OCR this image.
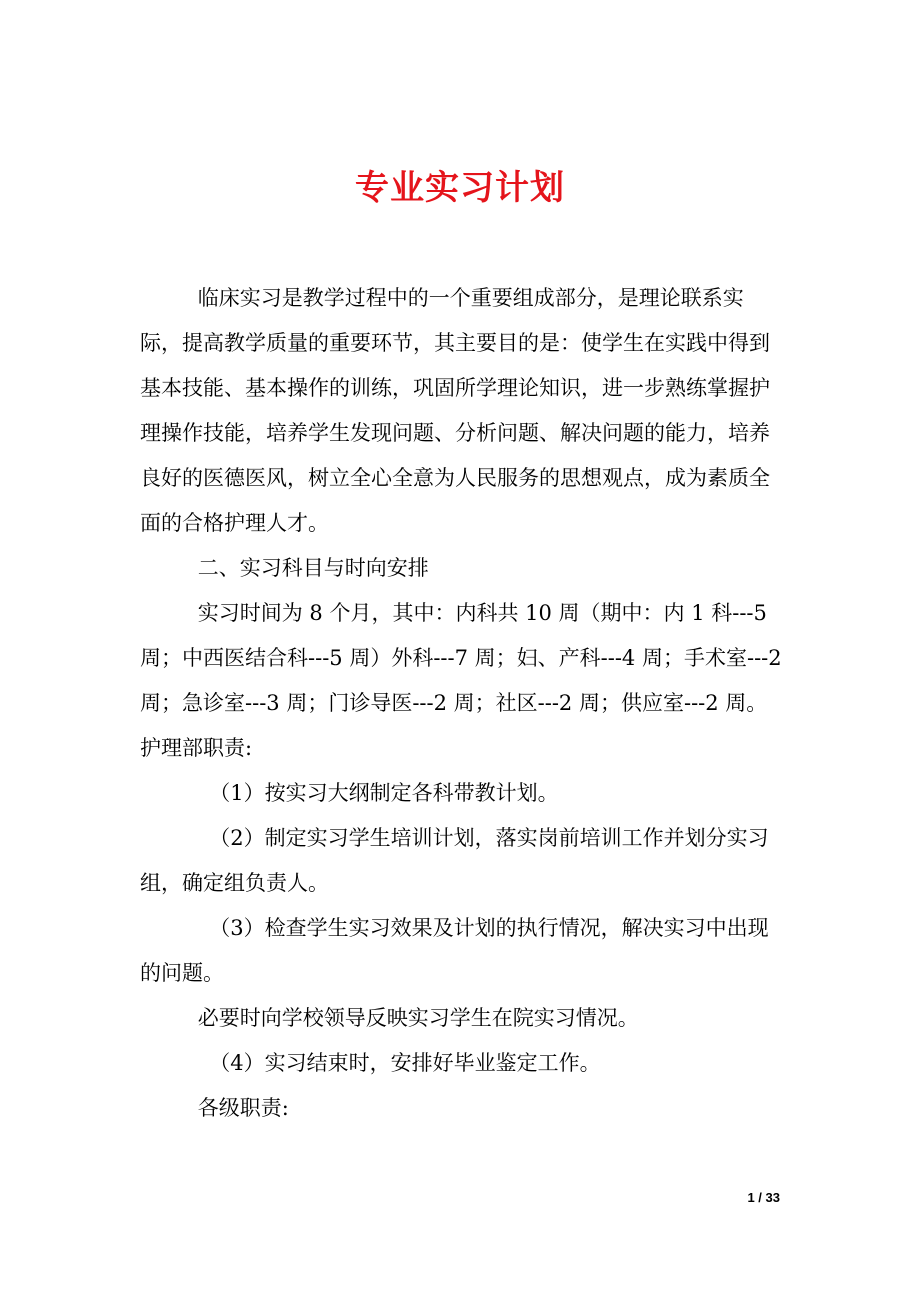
专业实习计划

临床实习是教学过程中的一个重要组成部分，是理论联系实际，提高教学质量的重要环节，其主要目的是：使学生在实践中得到基本技能、基本操作的训练，巩固所学理论知识，进一步熟练掌握护理操作技能，培养学生发现问题、分析问题、解决问题的能力，培养良好的医德医风，树立全心全意为人民服务的思想观点，成为素质全面的合格护理人才。

二、实习科目与时向安排

实习时间为 8 个月，其中：内科共 10 周（期中：内 1 科---5 周；中西医结合科---5 周）外科---7 周；妇、产科---4 周；手术室---2 周；急诊室---3 周；门诊导医---2 周；社区---2 周；供应室---2 周。护理部职责:

（1）按实习大纲制定各科带教计划。

（2）制定实习学生培训计划，落实岗前培训工作并划分实习组，确定组负责人。

（3）检查学生实习效果及计划的执行情况，解决实习中出现的问题。

必要时向学校领导反映实习学生在院实习情况。

（4）实习结束时，安排好毕业鉴定工作。

各级职责:

1 / 33
